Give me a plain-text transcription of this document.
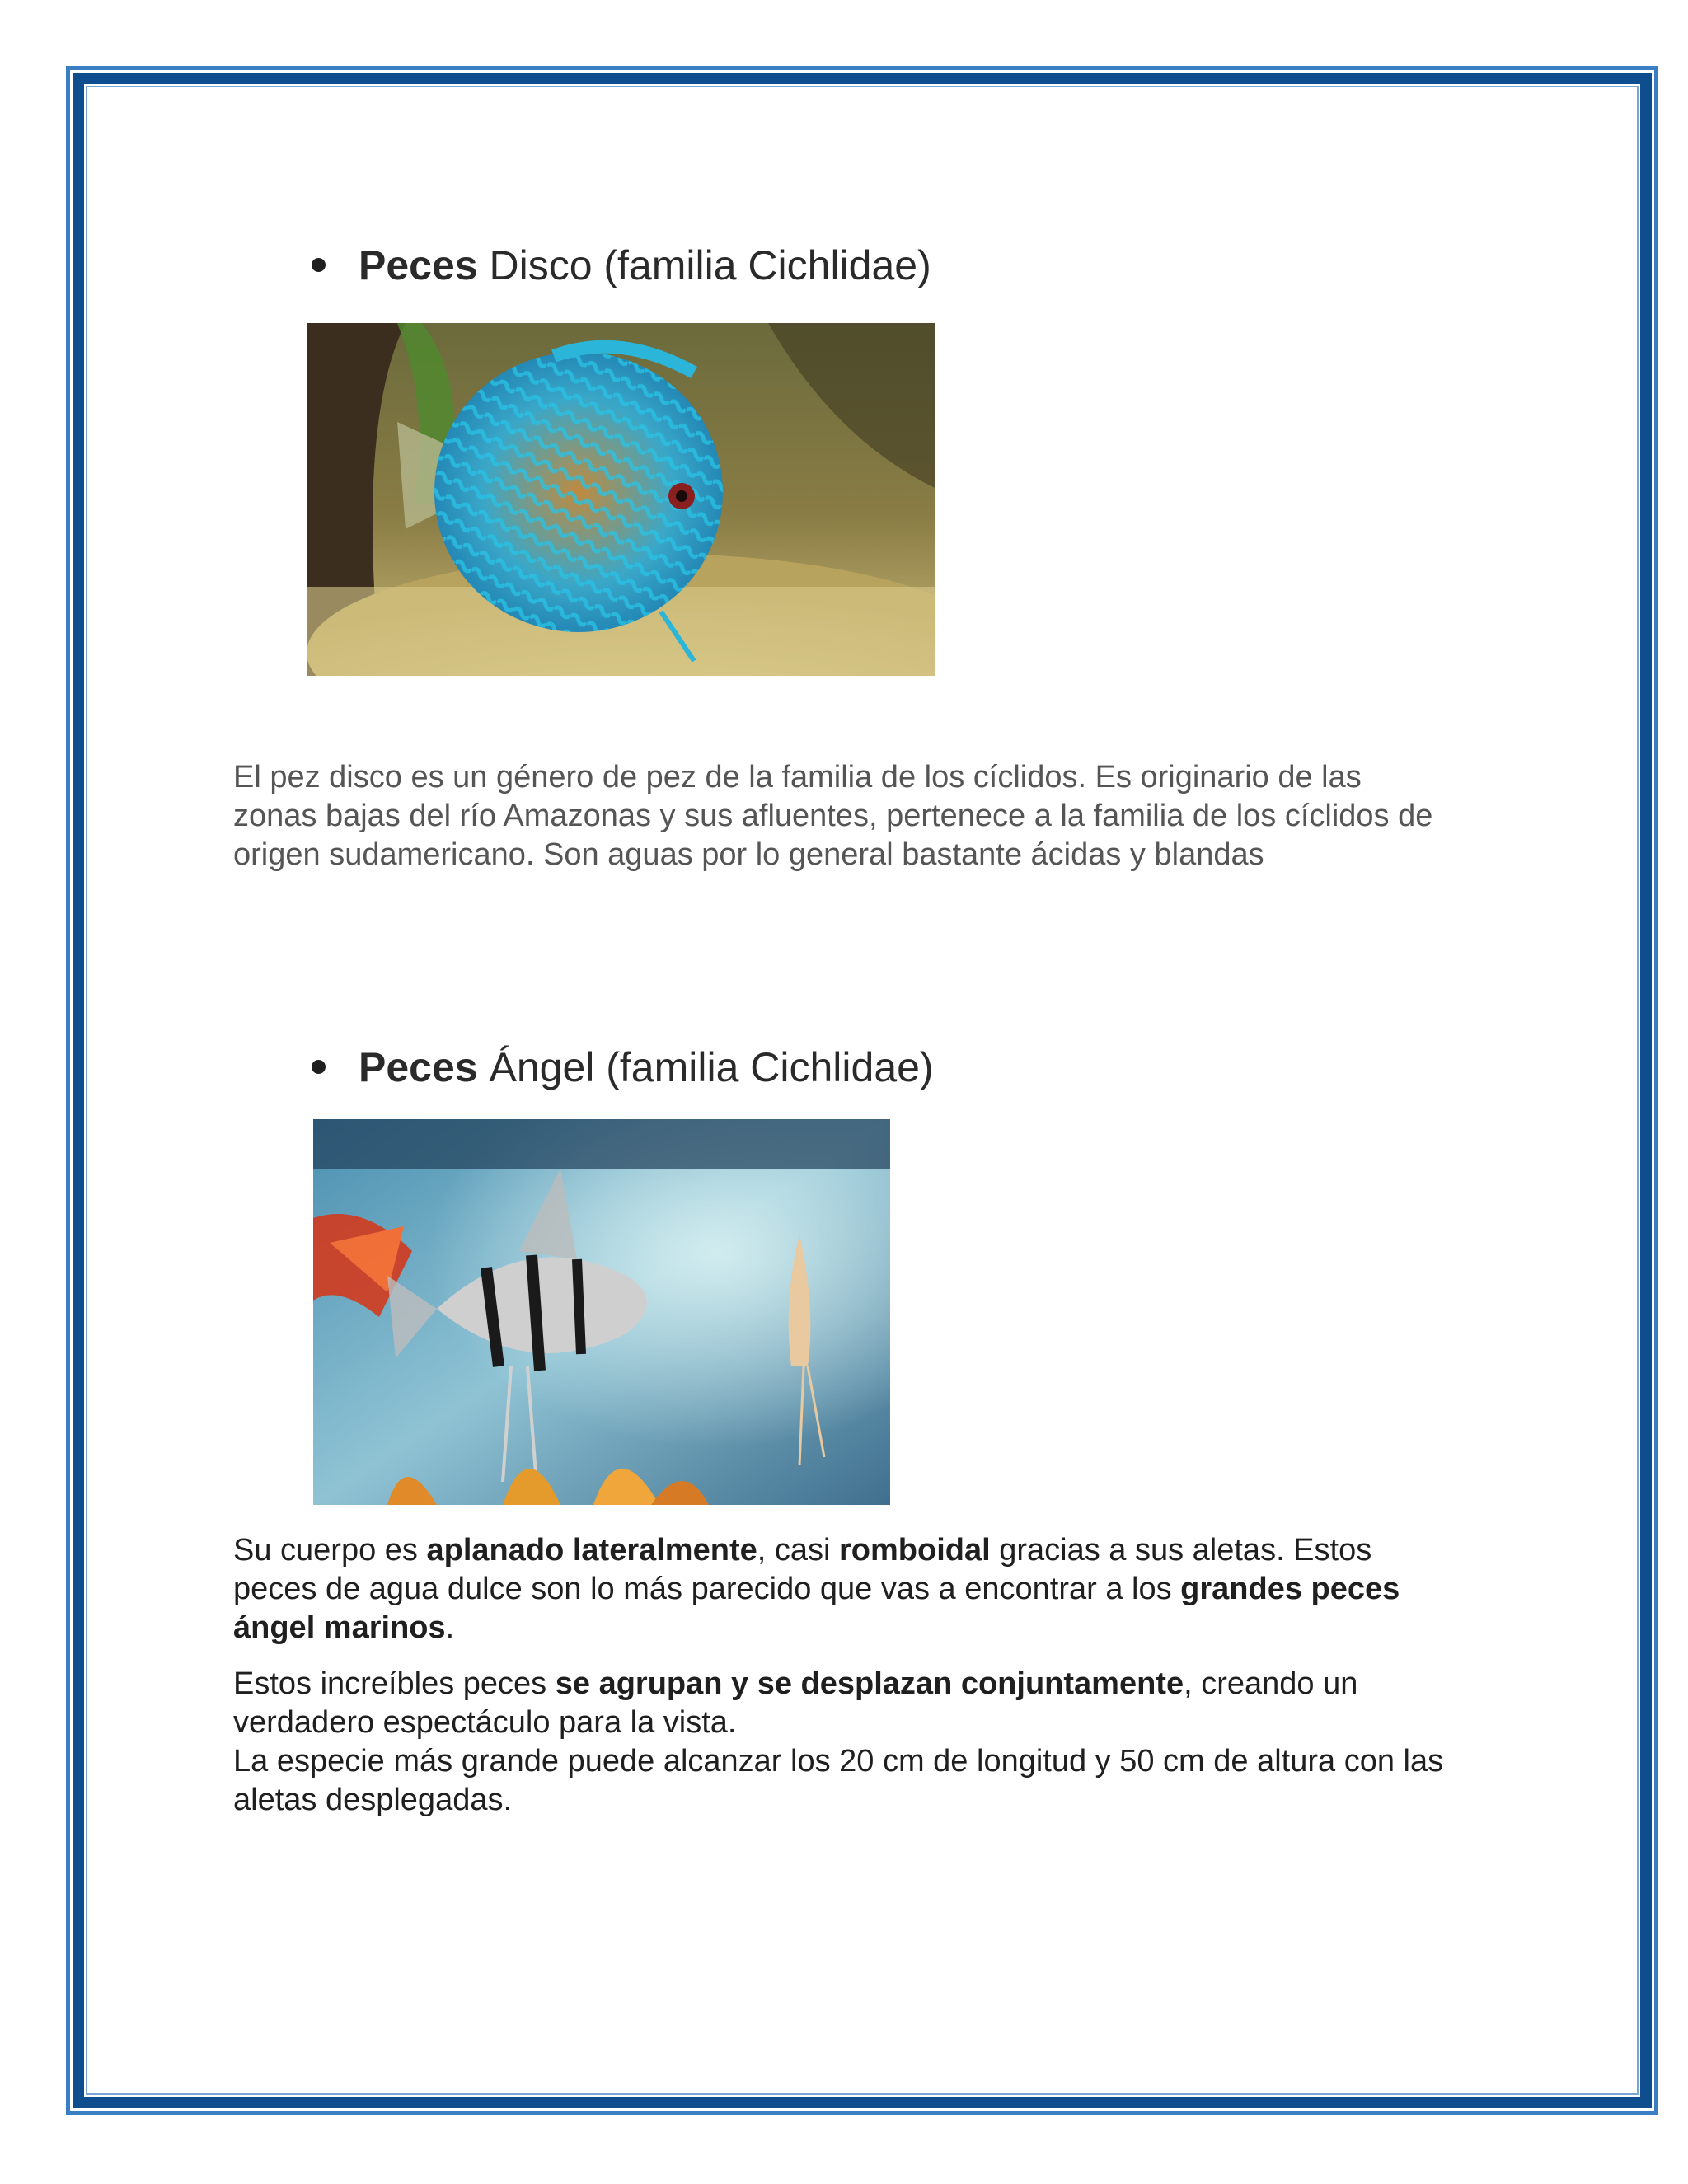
Peces Disco (familia Cichlidae)
El pez disco es un género de pez de la familia de los cíclidos. Es originario de las zonas bajas del río Amazonas y sus afluentes, pertenece a la familia de los cíclidos de origen sudamericano. Son aguas por lo general bastante ácidas y blandas
Peces Ángel (familia Cichlidae)

Su cuerpo es aplanado lateralmente, casi romboidal gracias a sus aletas. Estos peces de agua dulce son lo más parecido que vas a encontrar a los grandes peces ángel marinos.

Estos increíbles peces se agrupan y se desplazan conjuntamente, creando un verdadero espectáculo para la vista.

La especie más grande puede alcanzar los 20 cm de longitud y 50 cm de altura con las aletas desplegadas.
